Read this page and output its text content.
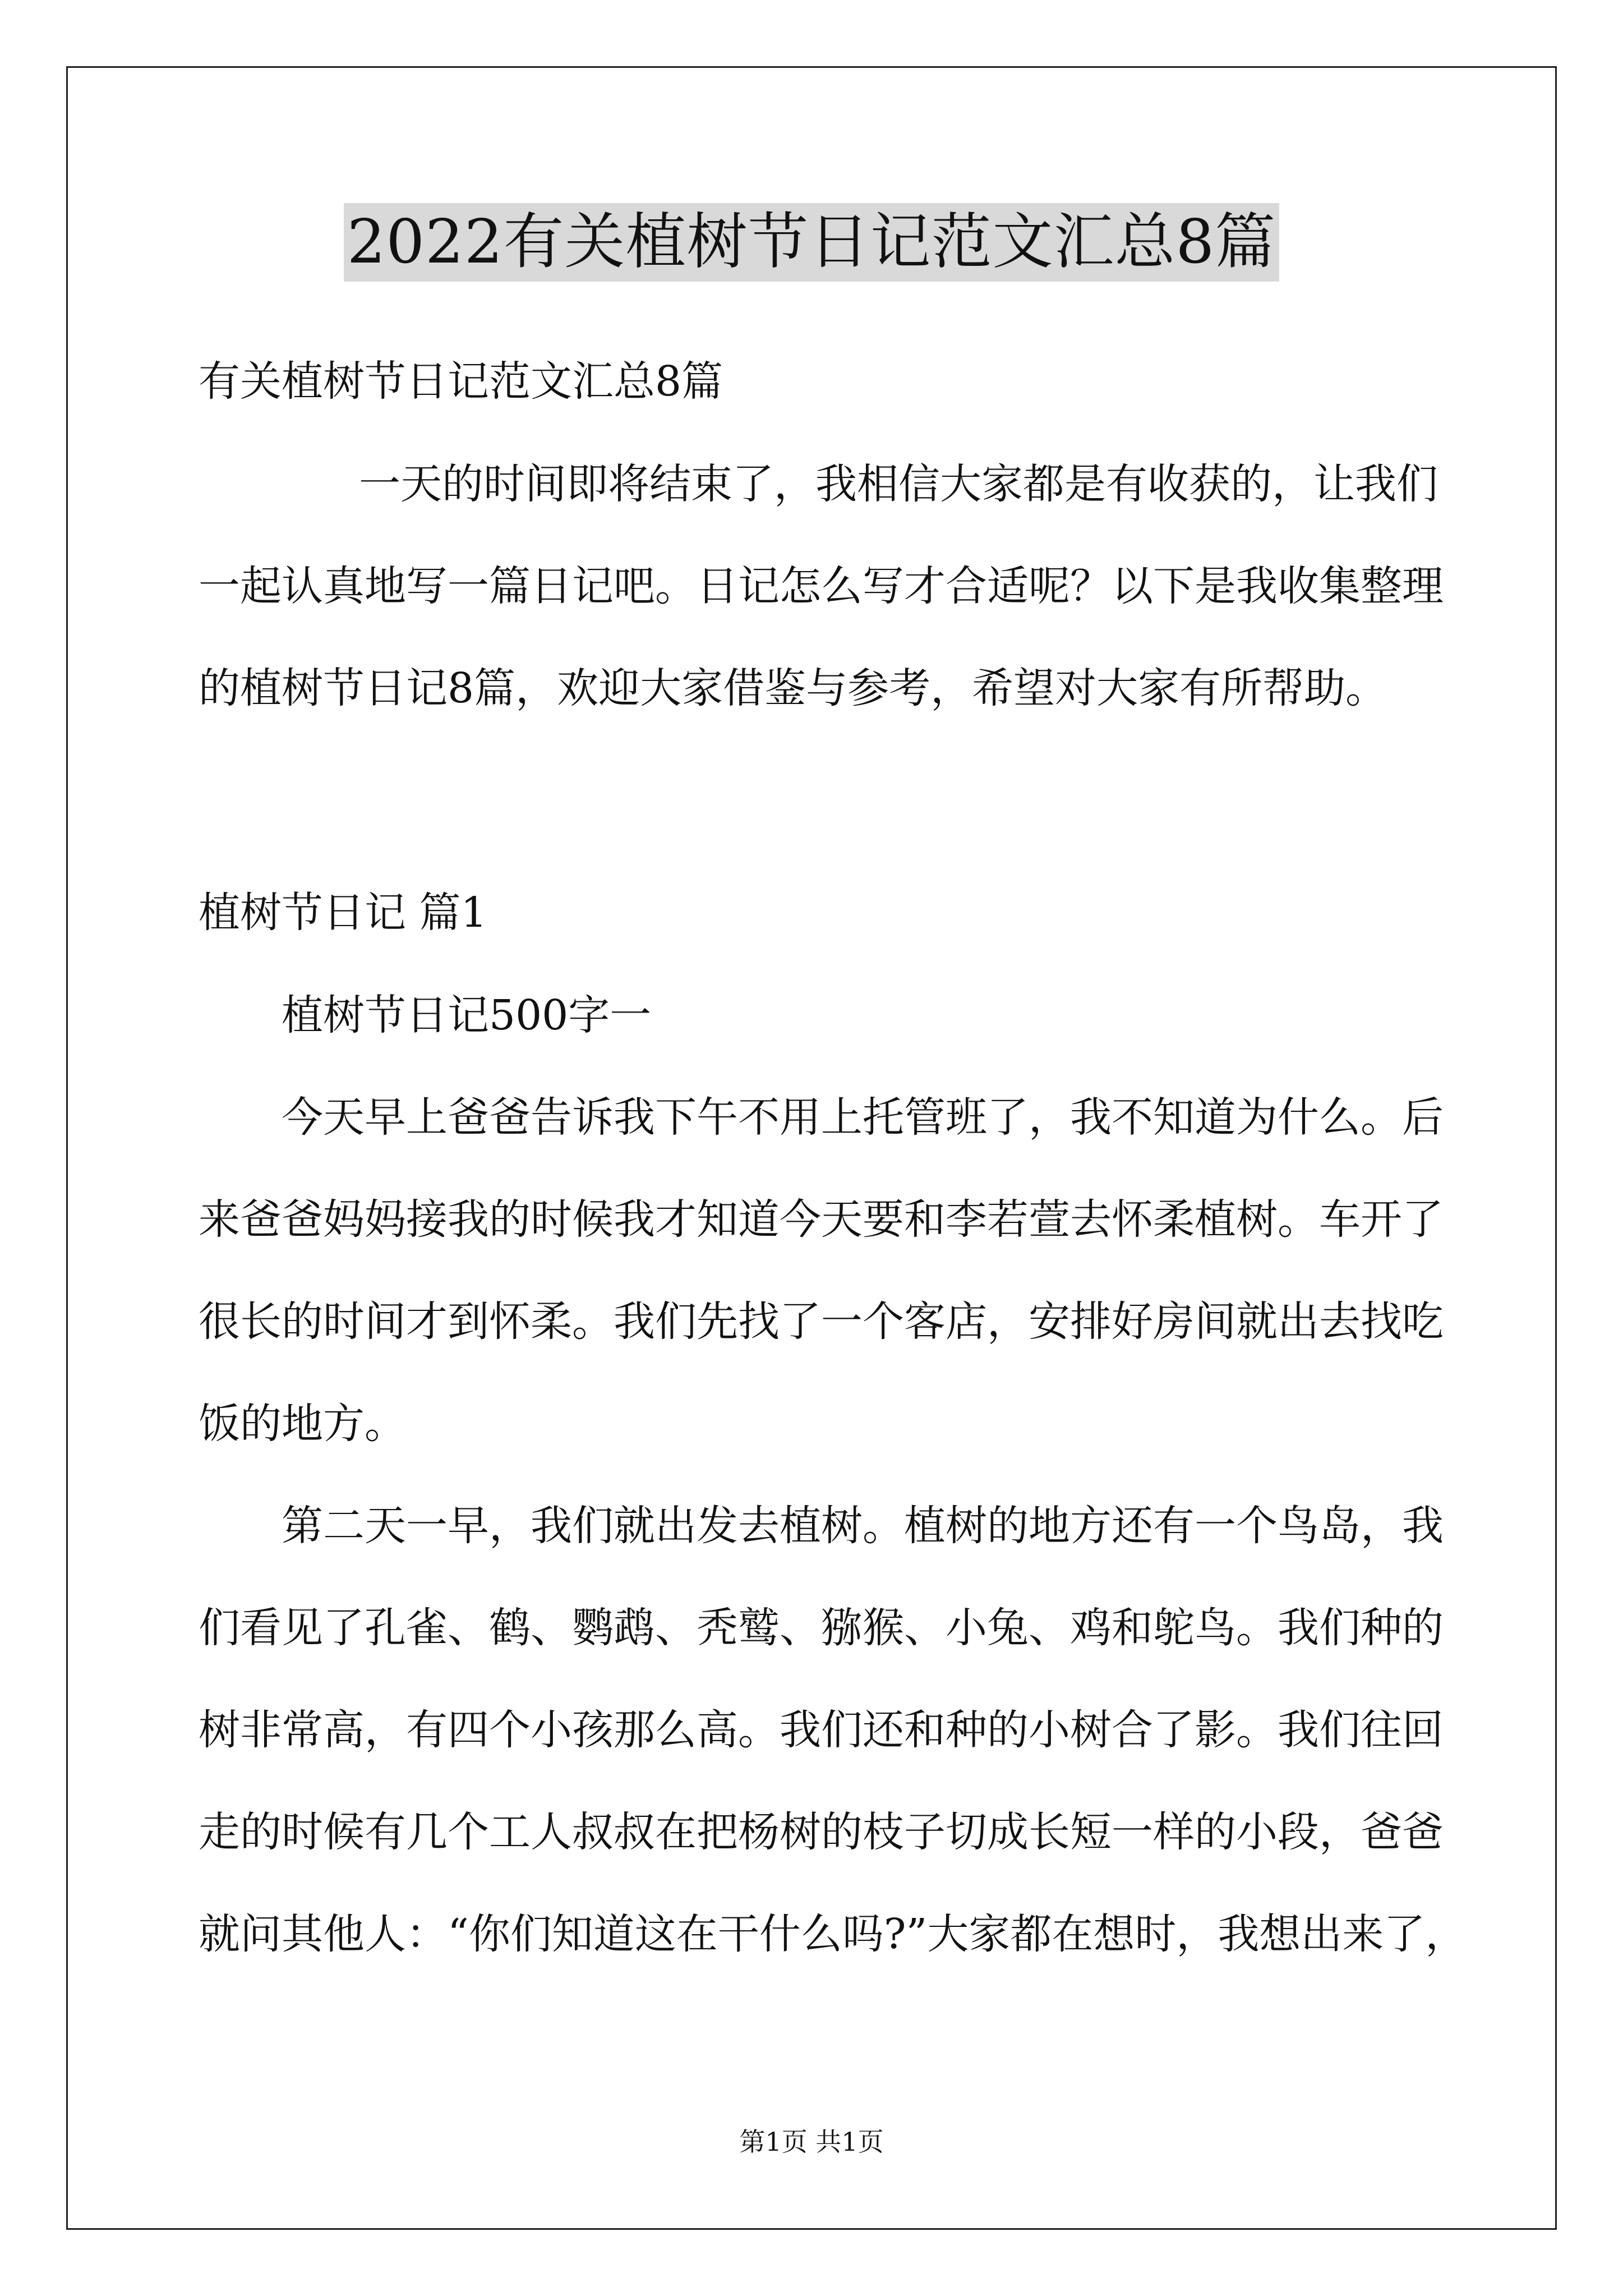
2022有关植树节日记范文汇总8篇
有关植树节日记范文汇总8篇
一天的时间即将结束了，我相信大家都是有收获的，让我们
一起认真地写一篇日记吧。日记怎么写才合适呢？以下是我收集整理
的植树节日记8篇，欢迎大家借鉴与参考，希望对大家有所帮助。
植树节日记 篇1
植树节日记500字一
今天早上爸爸告诉我下午不用上托管班了，我不知道为什么。后
来爸爸妈妈接我的时候我才知道今天要和李若萱去怀柔植树。车开了
很长的时间才到怀柔。我们先找了一个客店，安排好房间就出去找吃
饭的地方。
第二天一早，我们就出发去植树。植树的地方还有一个鸟岛，我
们看见了孔雀、鹤、鹦鹉、秃鹫、猕猴、小兔、鸡和鸵鸟。我们种的
树非常高，有四个小孩那么高。我们还和种的小树合了影。我们往回
走的时候有几个工人叔叔在把杨树的枝子切成长短一样的小段，爸爸
就问其他人：“你们知道这在干什么吗?”大家都在想时，我想出来了，
第1页 共1页
